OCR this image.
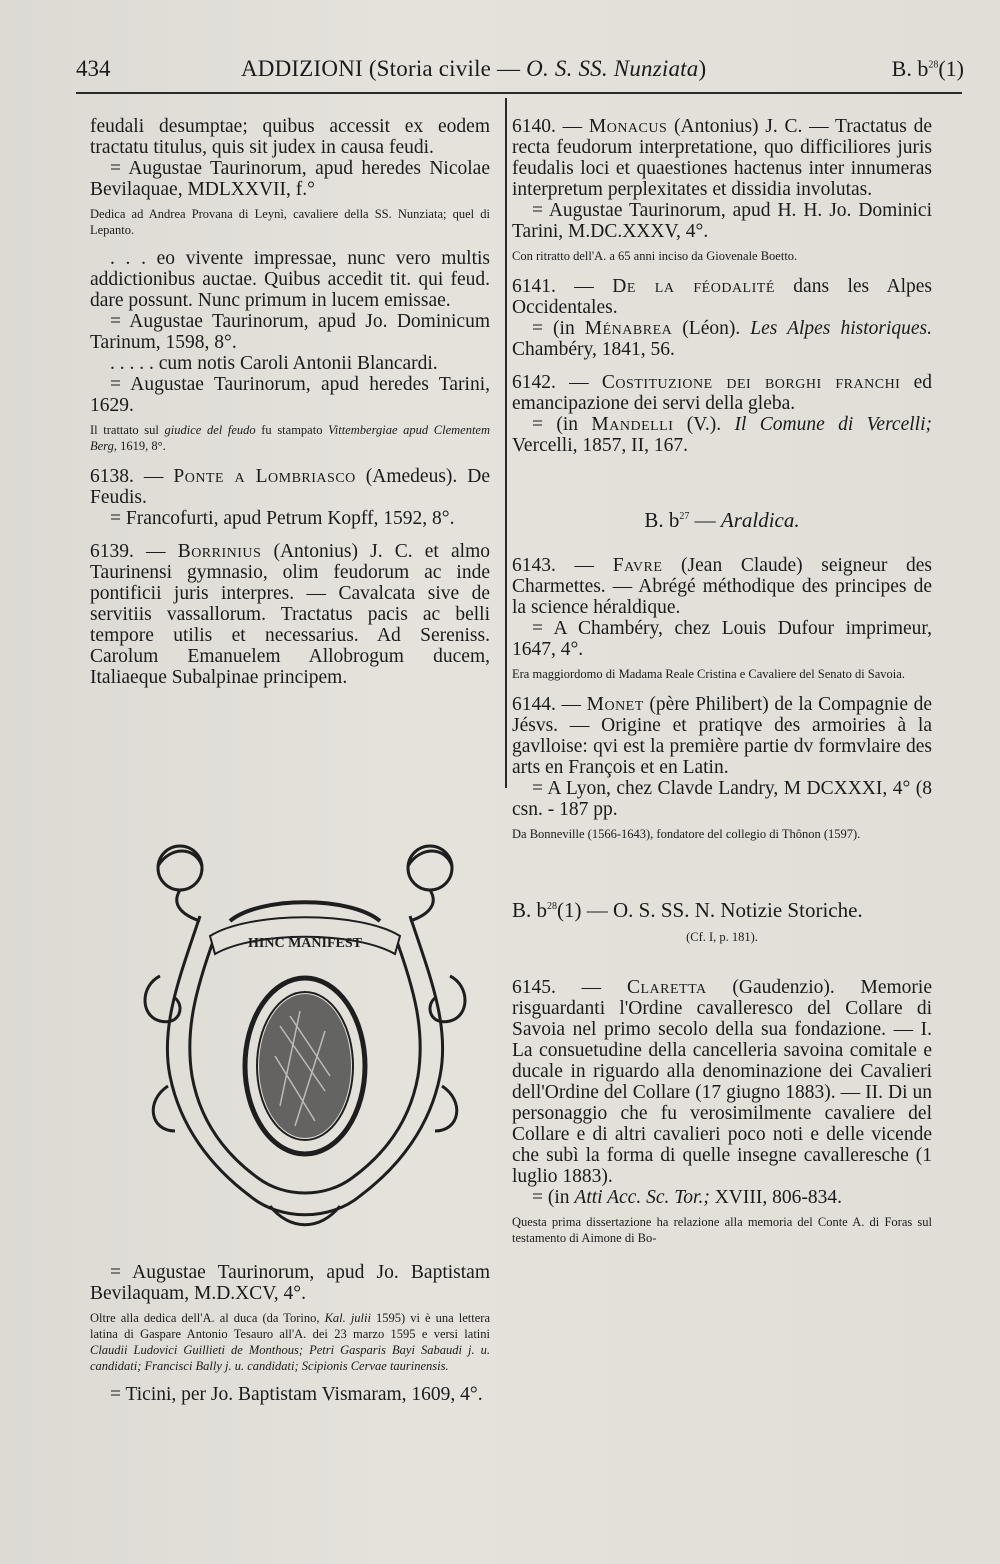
434	ADDIZIONI (Storia civile — O. S. SS. Nunziata)	B. $b^{28}(1)$

feudali desumptae; quibus accessit ex eodem tractatu titulus, quis sit judex in causa feudi.

= Augustae Taurinorum, apud heredes Nicolae Bevilaquae, MDLXXVII, f.°

Dedica ad Andrea Provana di Leynì, cavaliere della SS. Nunziata; quel di Lepanto.

. . . eo vivente impressae, nunc vero multis addictionibus auctae. Quibus accedit tit. qui feud. dare possunt. Nunc primum in lucem emissae.

= Augustae Taurinorum, apud Jo. Dominicum Tarinum, 1598, 8°.

. . . . . cum notis Caroli Antonii Blancardi.

= Augustae Taurinorum, apud heredes Tarini, 1629.

Il trattato sul giudice del feudo fu stampato Vittembergiae apud Clementem Berg, 1619, 8°.

6138. — Ponte a Lombriasco (Amedeus). De Feudis.

= Francofurti, apud Petrum Kopff, 1592, 8°.

6139. — Borrinius (Antonius) J. C. et almo Taurinensi gymnasio, olim feudorum ac inde pontificii juris interpres. — Cavalcata sive de servitiis vassallorum. Tractatus pacis ac belli tempore utilis et necessarius. Ad Sereniss. Carolum Emanuelem Allobrogum ducem, Italiaeque Subalpinae principem.

HINC MANIFEST

= Augustae Taurinorum, apud Jo. Baptistam Bevilaquam, M.D.XCV, 4°.

Oltre alla dedica dell'A. al duca (da Torino, Kal. julii 1595) vi è una lettera latina di Gaspare Antonio Tesauro all'A. dei 23 marzo 1595 e versi latini Claudii Ludovici Guillieti de Monthous; Petri Gasparis Bayi Sabaudi j. u. candidati; Francisci Bally j. u. candidati; Scipionis Cervae taurinensis.

= Ticini, per Jo. Baptistam Vismaram, 1609, 4°.

6140. — Monacus (Antonius) J. C. — Tractatus de recta feudorum interpretatione, quo difficiliores juris feudalis loci et quaestiones hactenus inter innumeras interpretum perplexitates et dissidia involutas.

= Augustae Taurinorum, apud H. H. Jo. Dominici Tarini, M.DC.XXXV, 4°.

Con ritratto dell'A. a 65 anni inciso da Giovenale Boetto.

6141. — De la féodalité dans les Alpes Occidentales.

= (in Ménabrea (Léon). Les Alpes historiques. Chambéry, 1841, 56.

6142. — Costituzione dei borghi franchi ed emancipazione dei servi della gleba.

= (in Mandelli (V.). Il Comune di Vercelli; Vercelli, 1857, II, 167.

B. $b^{27}$ — Araldica.

6143. — Favre (Jean Claude) seigneur des Charmettes. — Abrégé méthodique des principes de la science héraldique.

= A Chambéry, chez Louis Dufour imprimeur, 1647, 4°.

Era maggiordomo di Madama Reale Cristina e Cavaliere del Senato di Savoia.

6144. — Monet (père Philibert) de la Compagnie de Jésvs. — Origine et pratiqve des armoiries à la gavlloise: qvi est la première partie dv formvlaire des arts en François et en Latin.

= A Lyon, chez Clavde Landry, M DCXXXI, 4° (8 csn. - 187 pp.

Da Bonneville (1566-1643), fondatore del collegio di Thônon (1597).

B. $b^{28}(1)$ — O. S. SS. N. Notizie Storiche.

(Cf. I, p. 181).

6145. — Claretta (Gaudenzio). Memorie risguardanti l'Ordine cavalleresco del Collare di Savoia nel primo secolo della sua fondazione. — I. La consuetudine della cancelleria savoina comitale e ducale in riguardo alla denominazione dei Cavalieri dell'Ordine del Collare (17 giugno 1883). — II. Di un personaggio che fu verosimilmente cavaliere del Collare e di altri cavalieri poco noti e delle vicende che subì la forma di quelle insegne cavalleresche (1 luglio 1883).

= (in Atti Acc. Sc. Tor.; XVIII, 806-834.

Questa prima dissertazione ha relazione alla memoria del Conte A. di Foras sul testamento di Aimone di Bo-
